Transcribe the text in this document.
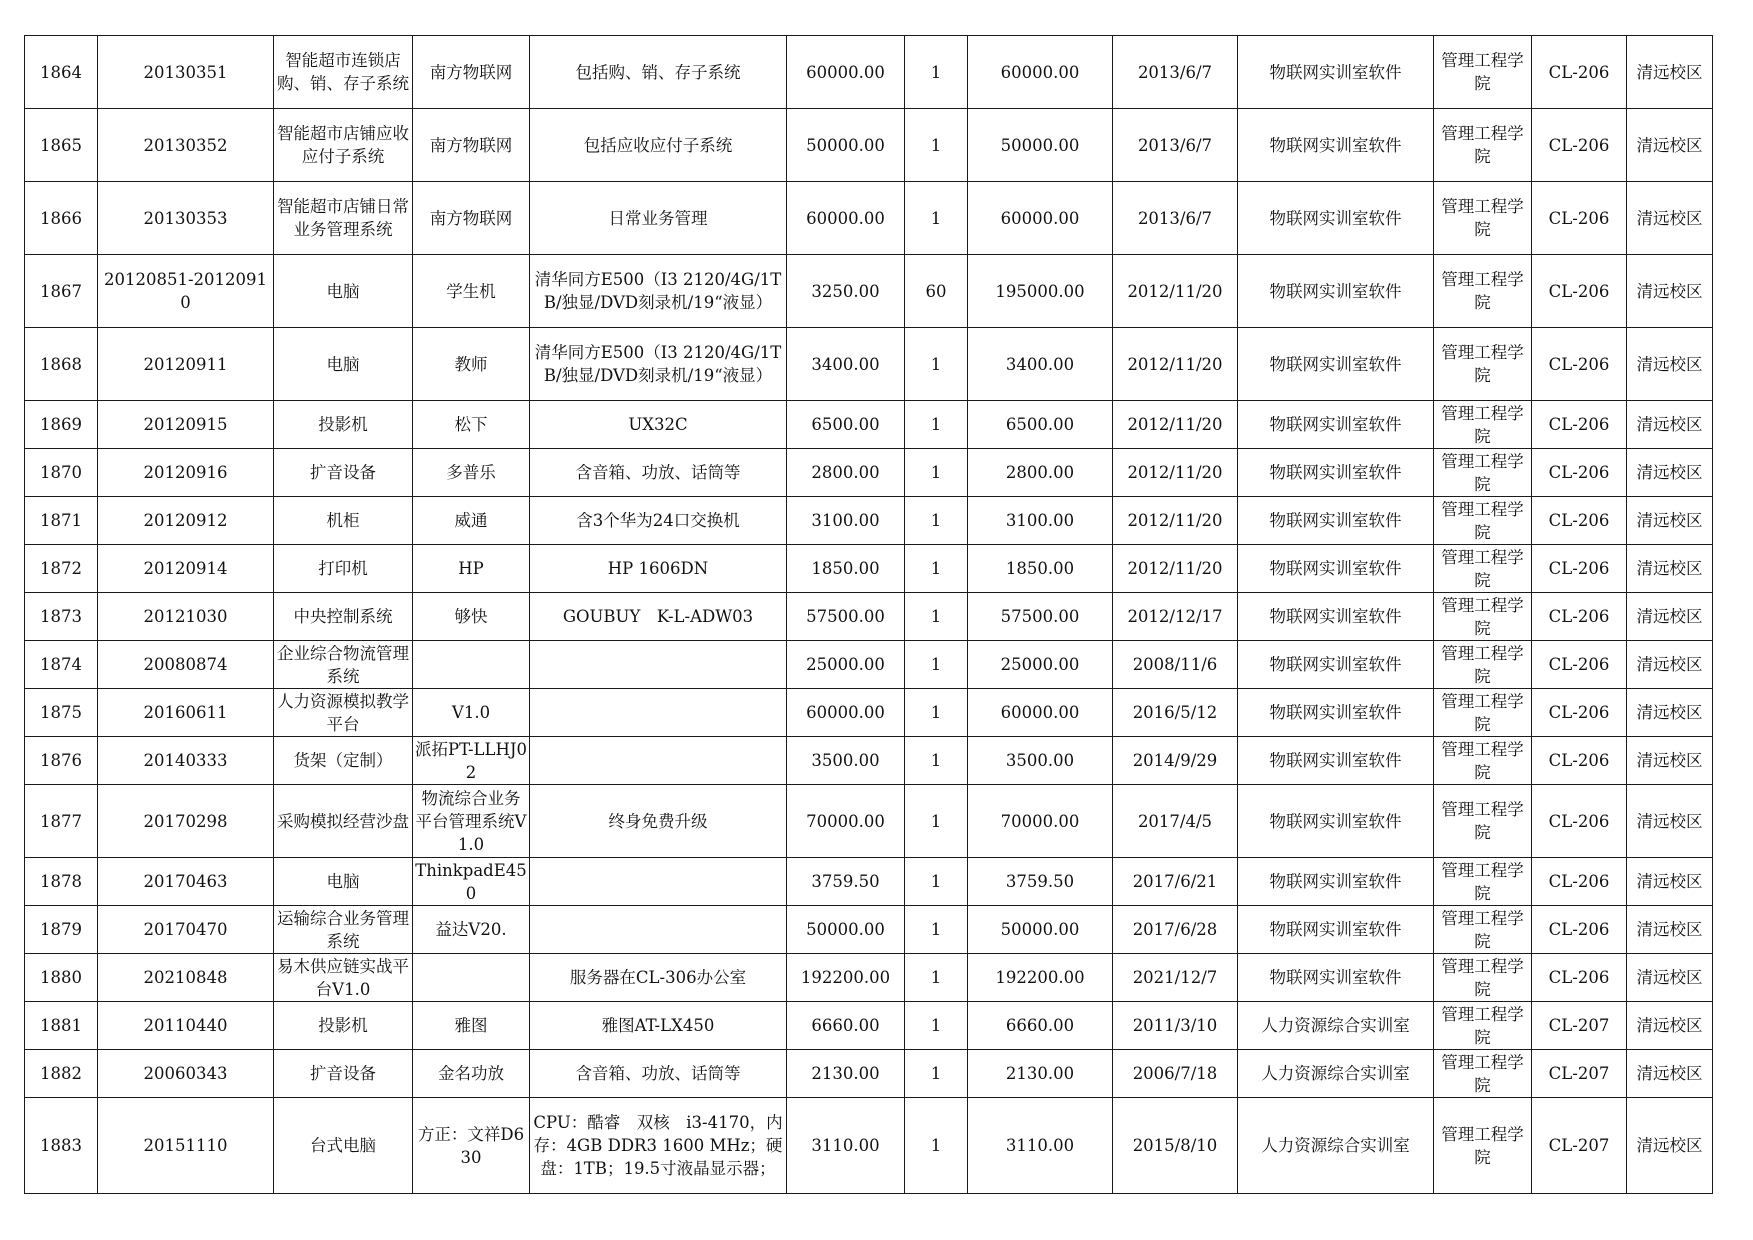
1864	20130351	智能超市连锁店购、销、存子系统	南方物联网	包括购、销、存子系统	60000.00	1	60000.00	2013/6/7	物联网实训室软件	管理工程学院	CL-206	清远校区
1865	20130352	智能超市店铺应收应付子系统	南方物联网	包括应收应付子系统	50000.00	1	50000.00	2013/6/7	物联网实训室软件	管理工程学院	CL-206	清远校区
1866	20130353	智能超市店铺日常业务管理系统	南方物联网	日常业务管理	60000.00	1	60000.00	2013/6/7	物联网实训室软件	管理工程学院	CL-206	清远校区
1867	20120851-20120910	电脑	学生机	清华同方E500（I3 2120/4G/1TB/独显/DVD刻录机/19“液显）	3250.00	60	195000.00	2012/11/20	物联网实训室软件	管理工程学院	CL-206	清远校区
1868	20120911	电脑	教师	清华同方E500（I3 2120/4G/1TB/独显/DVD刻录机/19“液显）	3400.00	1	3400.00	2012/11/20	物联网实训室软件	管理工程学院	CL-206	清远校区
1869	20120915	投影机	松下	UX32C	6500.00	1	6500.00	2012/11/20	物联网实训室软件	管理工程学院	CL-206	清远校区
1870	20120916	扩音设备	多普乐	含音箱、功放、话筒等	2800.00	1	2800.00	2012/11/20	物联网实训室软件	管理工程学院	CL-206	清远校区
1871	20120912	机柜	威通	含3个华为24口交换机	3100.00	1	3100.00	2012/11/20	物联网实训室软件	管理工程学院	CL-206	清远校区
1872	20120914	打印机	HP	HP 1606DN	1850.00	1	1850.00	2012/11/20	物联网实训室软件	管理工程学院	CL-206	清远校区
1873	20121030	中央控制系统	够快	GOUBUY　K-L-ADW03	57500.00	1	57500.00	2012/12/17	物联网实训室软件	管理工程学院	CL-206	清远校区
1874	20080874	企业综合物流管理系统			25000.00	1	25000.00	2008/11/6	物联网实训室软件	管理工程学院	CL-206	清远校区
1875	20160611	人力资源模拟教学平台	V1.0		60000.00	1	60000.00	2016/5/12	物联网实训室软件	管理工程学院	CL-206	清远校区
1876	20140333	货架（定制）	派拓PT-LLHJ02		3500.00	1	3500.00	2014/9/29	物联网实训室软件	管理工程学院	CL-206	清远校区
1877	20170298	采购模拟经营沙盘	物流综合业务平台管理系统V1.0	终身免费升级	70000.00	1	70000.00	2017/4/5	物联网实训室软件	管理工程学院	CL-206	清远校区
1878	20170463	电脑	ThinkpadE450		3759.50	1	3759.50	2017/6/21	物联网实训室软件	管理工程学院	CL-206	清远校区
1879	20170470	运输综合业务管理系统	益达V20.		50000.00	1	50000.00	2017/6/28	物联网实训室软件	管理工程学院	CL-206	清远校区
1880	20210848	易木供应链实战平台V1.0		服务器在CL-306办公室	192200.00	1	192200.00	2021/12/7	物联网实训室软件	管理工程学院	CL-206	清远校区
1881	20110440	投影机	雅图	雅图AT-LX450	6660.00	1	6660.00	2011/3/10	人力资源综合实训室	管理工程学院	CL-207	清远校区
1882	20060343	扩音设备	金名功放	含音箱、功放、话筒等	2130.00	1	2130.00	2006/7/18	人力资源综合实训室	管理工程学院	CL-207	清远校区
1883	20151110	台式电脑	方正：文祥D630	CPU：酷睿　双核　i3-4170，内存：4GB DDR3 1600 MHz；硬盘：1TB；19.5寸液晶显示器；	3110.00	1	3110.00	2015/8/10	人力资源综合实训室	管理工程学院	CL-207	清远校区
